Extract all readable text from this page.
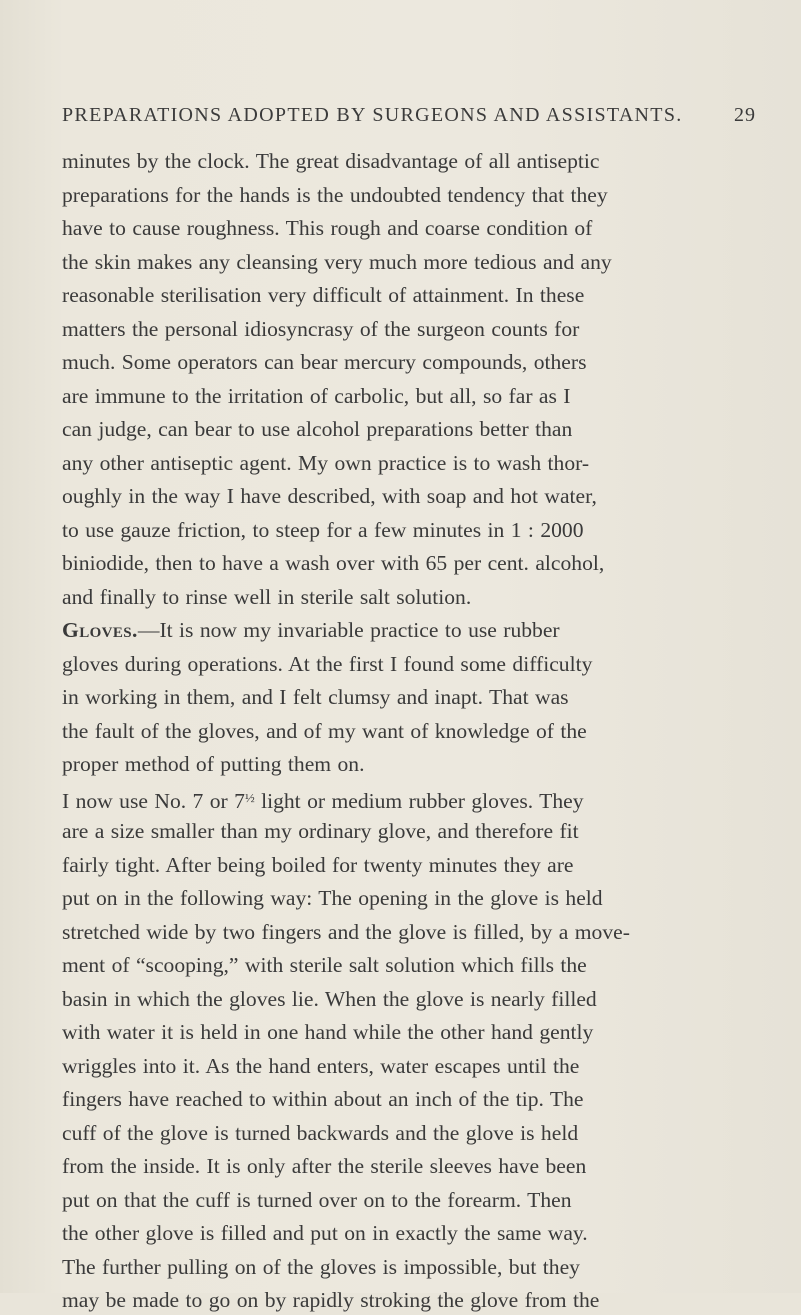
PREPARATIONS ADOPTED BY SURGEONS AND ASSISTANTS.	29
minutes by the clock. The great disadvantage of all antiseptic
preparations for the hands is the undoubted tendency that they
have to cause roughness. This rough and coarse condition of
the skin makes any cleansing very much more tedious and any
reasonable sterilisation very difficult of attainment. In these
matters the personal idiosyncrasy of the surgeon counts for
much. Some operators can bear mercury compounds, others
are immune to the irritation of carbolic, but all, so far as I
can judge, can bear to use alcohol preparations better than
any other antiseptic agent. My own practice is to wash thor-
oughly in the way I have described, with soap and hot water,
to use gauze friction, to steep for a few minutes in 1 : 2000
biniodide, then to have a wash over with 65 per cent. alcohol,
and finally to rinse well in sterile salt solution.
Gloves.—It is now my invariable practice to use rubber
gloves during operations. At the first I found some difficulty
in working in them, and I felt clumsy and inapt. That was
the fault of the gloves, and of my want of knowledge of the
proper method of putting them on.
I now use No. 7 or $7^{\frac{1}{2}}$ light or medium rubber gloves. They
are a size smaller than my ordinary glove, and therefore fit
fairly tight. After being boiled for twenty minutes they are
put on in the following way: The opening in the glove is held
stretched wide by two fingers and the glove is filled, by a move-
ment of “scooping,” with sterile salt solution which fills the
basin in which the gloves lie. When the glove is nearly filled
with water it is held in one hand while the other hand gently
wriggles into it. As the hand enters, water escapes until the
fingers have reached to within about an inch of the tip. The
cuff of the glove is turned backwards and the glove is held
from the inside. It is only after the sterile sleeves have been
put on that the cuff is turned over on to the forearm. Then
the other glove is filled and put on in exactly the same way.
The further pulling on of the gloves is impossible, but they
may be made to go on by rapidly stroking the glove from the
